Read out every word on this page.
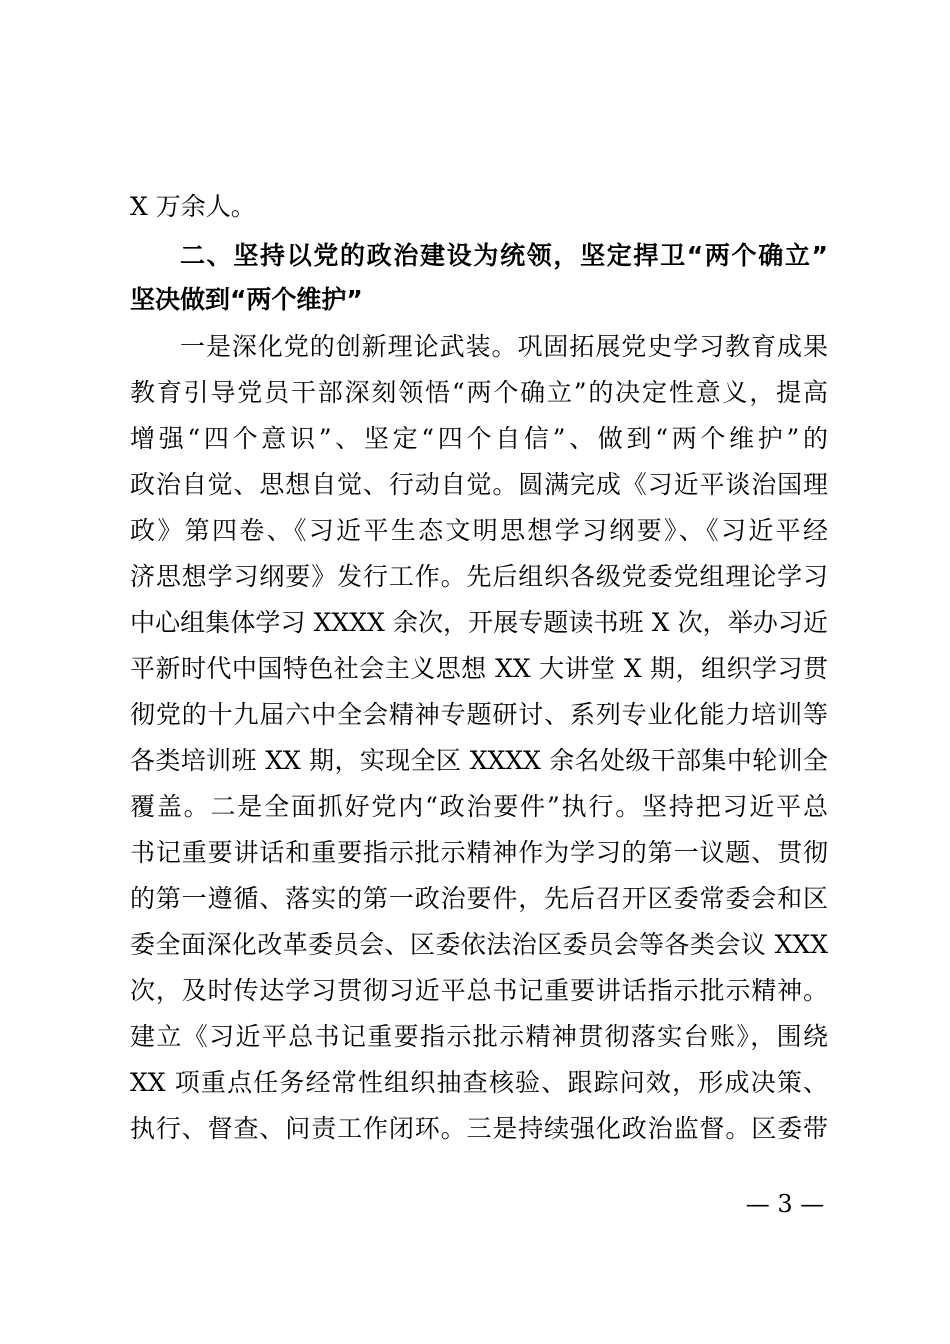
X 万余人。
二、坚持以党的政治建设为统领，坚定捍卫“两个确立”
坚决做到“两个维护”
一是深化党的创新理论武装。巩固拓展党史学习教育成果
教育引导党员干部深刻领悟“两个确立”的决定性意义，提高
增强“四个意识”、坚定“四个自信”、做到“两个维护”的
政治自觉、思想自觉、行动自觉。圆满完成《习近平谈治国理
政》第四卷、《习近平生态文明思想学习纲要》、《习近平经
济思想学习纲要》发行工作。先后组织各级党委党组理论学习
中心组集体学习 XXXX 余次，开展专题读书班 X 次，举办习近
平新时代中国特色社会主义思想 XX 大讲堂 X 期，组织学习贯
彻党的十九届六中全会精神专题研讨、系列专业化能力培训等
各类培训班 XX 期，实现全区 XXXX 余名处级干部集中轮训全
覆盖。二是全面抓好党内“政治要件”执行。坚持把习近平总
书记重要讲话和重要指示批示精神作为学习的第一议题、贯彻
的第一遵循、落实的第一政治要件，先后召开区委常委会和区
委全面深化改革委员会、区委依法治区委员会等各类会议 XXX
次，及时传达学习贯彻习近平总书记重要讲话指示批示精神。
建立《习近平总书记重要指示批示精神贯彻落实台账》，围绕
XX 项重点任务经常性组织抽查核验、跟踪问效，形成决策、
执行、督查、问责工作闭环。三是持续强化政治监督。区委带
— 3 —
